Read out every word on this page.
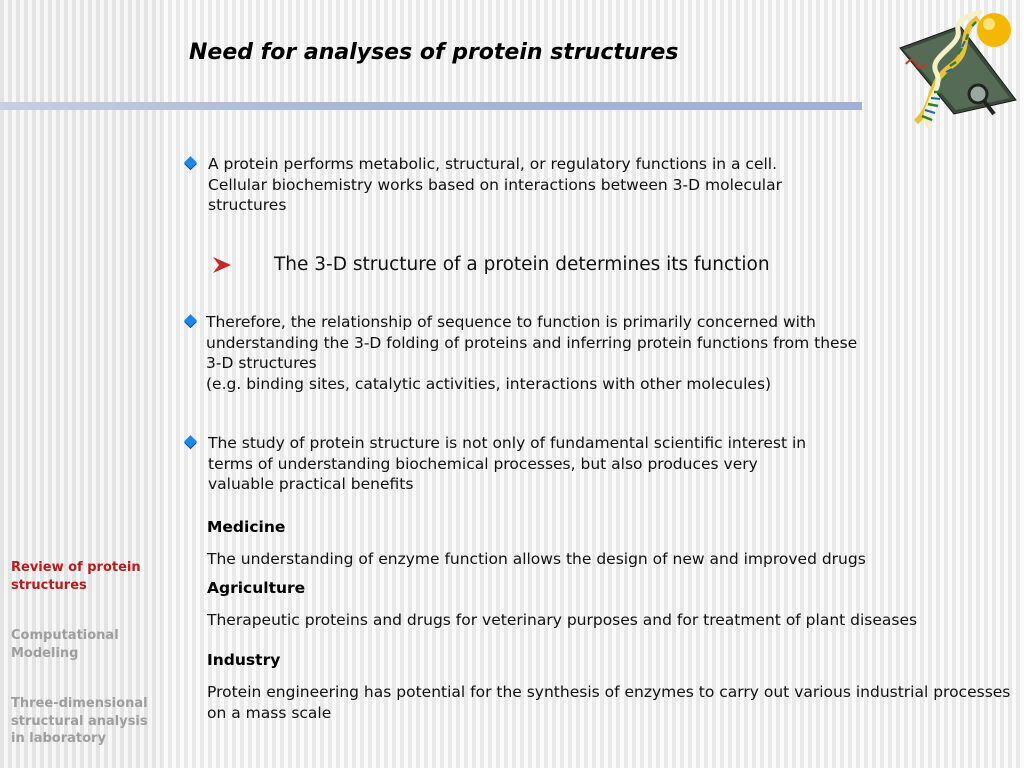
Need for analyses of protein structures

A protein performs metabolic, structural, or regulatory functions in a cell.
Cellular biochemistry works based on interactions between 3-D molecular
structures

The 3-D structure of a protein determines its function

Therefore, the relationship of sequence to function is primarily concerned with
understanding the 3-D folding of proteins and inferring protein functions from these
3-D structures
(e.g. binding sites, catalytic activities, interactions with other molecules)

The study of protein structure is not only of fundamental scientific interest in
terms of understanding biochemical processes, but also produces very
valuable practical benefits

Medicine

The understanding of enzyme function allows the design of new and improved drugs

Agriculture

Therapeutic proteins and drugs for veterinary purposes and for treatment of plant diseases

Industry

Protein engineering has potential for the synthesis of enzymes to carry out various industrial processes on a mass scale

Review of protein
structures
Computational
Modeling
Three-dimensional
structural analysis
in laboratory
